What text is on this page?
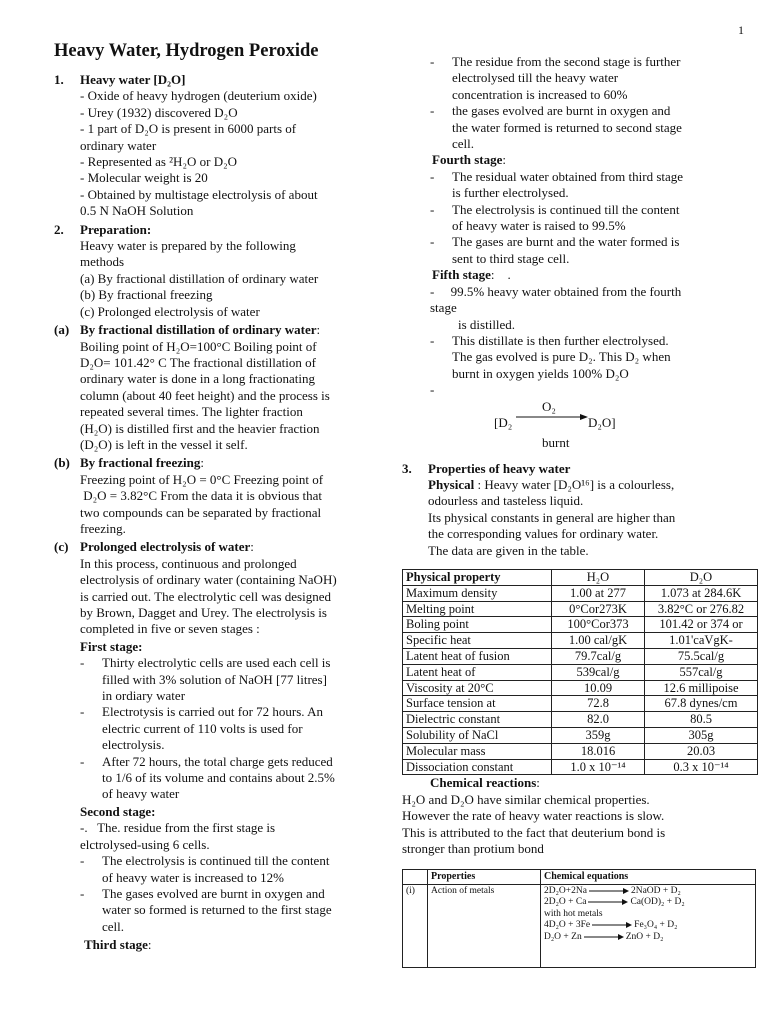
1
Heavy Water, Hydrogen Peroxide
1.	Heavy water [D₂O]

- Oxide of heavy hydrogen (deuterium oxide)

- Urey (1932) discovered D₂O

- 1 part of D₂O is present in 6000 parts of

ordinary water

- Represented as ²H₂O or D₂O

- Molecular weight is 20

- Obtained by multistage electrolysis of about

0.5 N NaOH Solution

2.	Preparation:

Heavy water is prepared by the following

methods

(a) By fractional distillation of ordinary water

(b) By fractional freezing

(c) Prolonged electrolysis of water

(a) By fractional distillation of ordinary water:

Boiling point of H₂O=100°C Boiling point of

D₂O= 101.42° C The fractional distillation of

ordinary water is done in a long fractionating

column (about 40 feet height) and the process is

repeated several times. The lighter fraction

(H₂O) is distilled first and the heavier fraction

(D₂O) is left in the vessel it self.

(b) By fractional freezing:

Freezing point of H₂O = 0°C Freezing point of

D₂O = 3.82°C From the data it is obvious that

two compounds can be separated by fractional

freezing.

(c) Prolonged electrolysis of water:

In this process, continuous and prolonged

electrolysis of ordinary water (containing NaOH)

is carried out. The electrolytic cell was designed

by Brown, Dagget and Urey. The electrolysis is

completed in five or seven stages :

First stage:

-	Thirty electrolytic cells are used each cell is
filled with 3% solution of NaOH [77 litres]
in ordiary water
-	Electrotysis is carried out for 72 hours. An
electric current of 110 volts is used for
electrolysis.
-	After 72 hours, the total charge gets reduced
to 1/6 of its volume and contains about 2.5%
of heavy water

Second stage:

-.   The. residue from the first stage is

elctrolysed-using 6 cells.

-	The electrolysis is continued till the content
of heavy water is increased to 12%
-	The gases evolved are burnt in oxygen and
water so formed is returned to the first stage
cell.

Third stage:

-	The residue from the second stage is further
electrolysed till the heavy water
concentration is increased to 60%
-	the gases evolved are burnt in oxygen and
the water formed is returned to second stage
cell.

Fourth stage:

-	The residual water obtained from third stage
is further electrolysed.
-	The electrolysis is continued till the content
of heavy water is raised to 99.5%
-	The gases are burnt and the water formed is
sent to third stage cell.

Fifth stage:    .

-     99.5% heavy water obtained from the fourth

stage

is distilled.

-	This distillate is then further electrolysed.
The gas evolved is pure D₂. This D₂ when
burnt in oxygen yields 100% D₂O

-

O₂
[D₂	D₂O]
burnt
3.	Properties of heavy water

Physical : Heavy water [D₂O¹⁶] is a colourless,

odourless and tasteless liquid.

Its physical constants in general are higher than

the corresponding values for ordinary water.

The data are given in the table.

Physical property	H₂O	D₂O
Maximum density	1.00 at 277	1.073 at 284.6K
Melting point	0°Cor273K	3.82°C or 276.82
Boling point	100°Cor373	101.42 or 374 or
Specific heat	1.00 cal/gK	1.01'caVgK-
Latent heat of fusion	79.7cal/g	75.5cal/g
Latent heat of	539cal/g	557cal/g
Viscosity at 20°C	10.09	12.6 millipoise
Surface tension at	72.8	67.8 dynes/cm
Dielectric constant	82.0	80.5
Solubility of NaCl	359g	305g
Molecular mass	18.016	20.03
Dissociation constant	1.0 x 10⁻¹⁴	0.3 x 10⁻¹⁴

Chemical reactions:

H₂O and D₂O have similar chemical properties.

However the rate of heavy water reactions is slow.

This is attributed to the fact that deuterium bond is

stronger than protium bond

	Properties	Chemical equations
(i)	Action of metals	2D₂O+2Na 2NaOD + D₂
2D₂O + Ca Ca(OD)₂ + D₂
with hot metals
4D₂O + 3Fe Fe₃O₄ + D₂
D₂O + Zn ZnO + D₂
